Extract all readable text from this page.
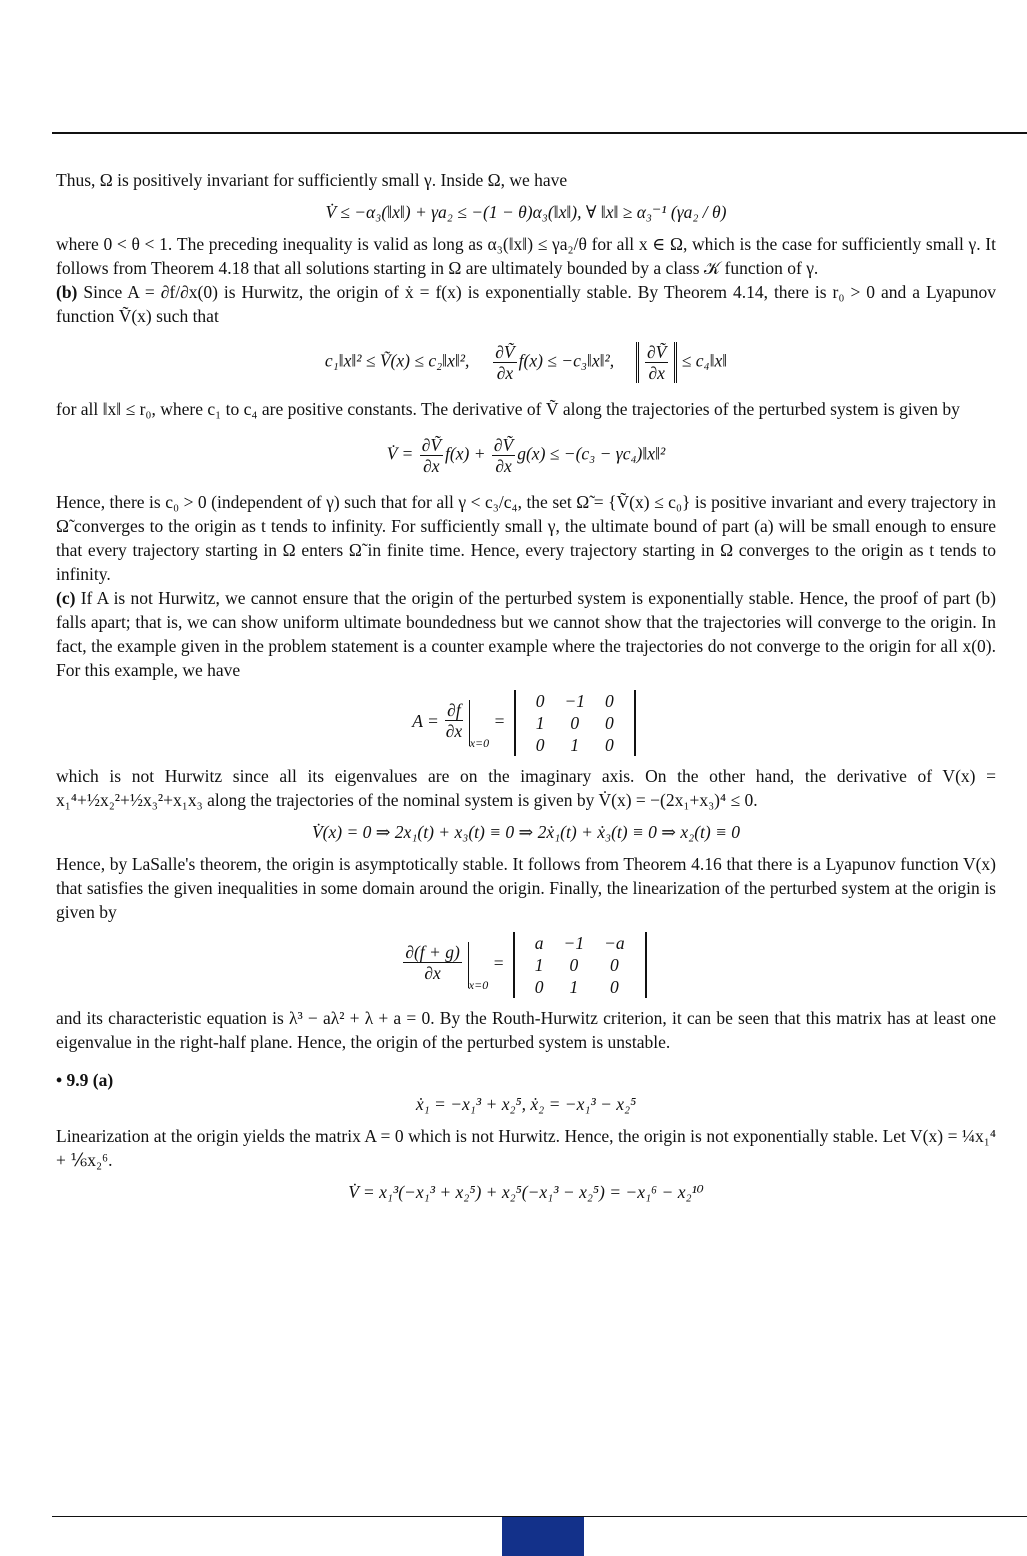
Thus, Ω is positively invariant for sufficiently small γ. Inside Ω, we have

V̇ ≤ −α₃(‖x‖) + γa₂ ≤ −(1 − θ)α₃(‖x‖), ∀ ‖x‖ ≥ α₃⁻¹ (γa₂ / θ)

where 0 < θ < 1. The preceding inequality is valid as long as α₃(‖x‖) ≤ γa₂/θ for all x ∈ Ω, which is the case for sufficiently small γ. It follows from Theorem 4.18 that all solutions starting in Ω are ultimately bounded by a class 𝒦 function of γ.

(b) Since A = ∂f/∂x(0) is Hurwitz, the origin of ẋ = f(x) is exponentially stable. By Theorem 4.14, there is r₀ > 0 and a Lyapunov function Ṽ(x) such that

c₁‖x‖² ≤ Ṽ(x) ≤ c₂‖x‖², $\frac{\text{∂Ṽ}}{\partial x} f(x)$ ≤ −c₃‖x‖², $\frac{\text{∂Ṽ}}{\partial x}$ ≤ c₄‖x‖

for all ‖x‖ ≤ r₀, where c₁ to c₄ are positive constants. The derivative of Ṽ along the trajectories of the perturbed system is given by

V̇ = $\frac{\text{∂Ṽ}}{\partial x} f(x) + \frac{\text{∂Ṽ}}{\partial x} g(x) \le -(c_3$ − γc₄)‖x‖²

Hence, there is c₀ > 0 (independent of γ) such that for all γ < c₃/c₄, the set Ω̃ = {Ṽ(x) ≤ c₀} is positive invariant and every trajectory in Ω̃ converges to the origin as t tends to infinity. For sufficiently small γ, the ultimate bound of part (a) will be small enough to ensure that every trajectory starting in Ω enters Ω̃ in finite time. Hence, every trajectory starting in Ω converges to the origin as t tends to infinity.

(c) If A is not Hurwitz, we cannot ensure that the origin of the perturbed system is exponentially stable. Hence, the proof of part (b) falls apart; that is, we can show uniform ultimate boundedness but we cannot show that the trajectories will converge to the origin. In fact, the example given in the problem statement is a counter example where the trajectories do not converge to the origin for all x(0). For this example, we have

$A = \frac{\partial f}{\partial x}$
$_{x=0}$ =
0	−1	0
1	0	0
0	1	0

which is not Hurwitz since all its eigenvalues are on the imaginary axis. On the other hand, the derivative of V(x) = x₁⁴+½x₂²+½x₃²+x₁x₃ along the trajectories of the nominal system is given by V̇(x) = −(2x₁+x₃)⁴ ≤ 0.

V̇(x) = 0 ⇒ 2x₁(t) + x₃(t) ≡ 0 ⇒ 2ẋ₁(t) + ẋ₃(t) ≡ 0 ⇒ x₂(t) ≡ 0

Hence, by LaSalle's theorem, the origin is asymptotically stable. It follows from Theorem 4.16 that there is a Lyapunov function V(x) that satisfies the given inequalities in some domain around the origin. Finally, the linearization of the perturbed system at the origin is given by

$\frac{\partial(f + g)}{\partial x}$
$_{x=0}$ =
a	−1	−a
1	0	0
0	1	0

and its characteristic equation is λ³ − aλ² + λ + a = 0. By the Routh-Hurwitz criterion, it can be seen that this matrix has at least one eigenvalue in the right-half plane. Hence, the origin of the perturbed system is unstable.

• 9.9 (a)

ẋ₁ = −x₁³ + x₂⁵, ẋ₂ = −x₁³ − x₂⁵

Linearization at the origin yields the matrix A = 0 which is not Hurwitz. Hence, the origin is not exponentially stable. Let V(x) = ¼x₁⁴ + ⅙x₂⁶.

V̇ = x₁³(−x₁³ + x₂⁵) + x₂⁵(−x₁³ − x₂⁵) = −x₁⁶ − x₂¹⁰
